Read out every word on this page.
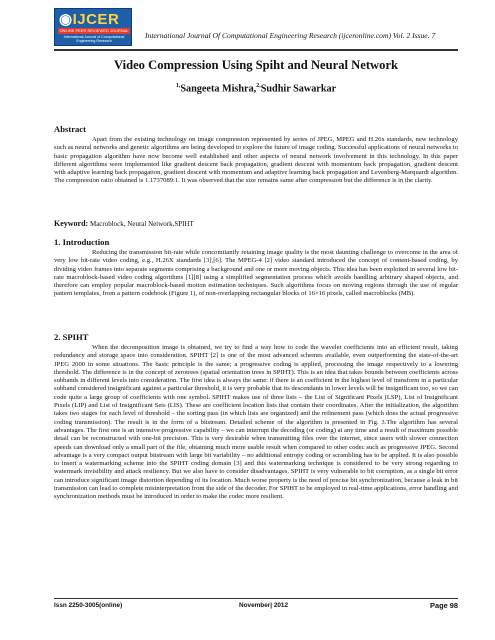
◉IJCER
ONLINE PEER REVIEWED JOURNAL
International Journal of Computational
Engineering Research
International Journal Of Computational Engineering Research (ijceronline.com) Vol. 2 Issue. 7
Video Compression Using Spiht and Neural Network
$^{1,}$Sangeeta Mishra,$^{2,}$Sudhir Sawarkar
Abstract

Apart from the existing technology on image compression represented by series of JPEG, MPEG and H.26x standards, new technology such as neural networks and genetic algorithms are being developed to explore the future of image coding. Successful applications of neural networks to basic propagation algorithm have now become well established and other aspects of neural network involvement in this technology. In this paper different algorithms were implemented like gradient descent back propagation, gradient descent with momentum back propagation, gradient descent with adaptive learning back propagation, gradient descent with momentum and adaptive learning back propagation and Levenberg-Marquardt algorithm. The compression ratio obtained is 1.1737089:1. It was observed that the size remains same after compression but the difference is in the clarity.

Keyword: Macroblock, Neural Network,SPIHT
1. Introduction

Reducing the transmission bit-rate while concomitantly retaining image quality is the most daunting challenge to overcome in the area of very low bit-rate video coding, e.g., H.26X standards [3],[6]. The MPEG-4 [2] video standard introduced the concept of content-based coding, by dividing video frames into separate segments comprising a background and one or more moving objects. This idea has been exploited in several low bit-rate macroblock-based video coding algorithms [1][8] using a simplified segmentation process which avoids handling arbitrary shaped objects, and therefore can employ popular macroblock-based motion estimation techniques. Such algorithms focus on moving regions through the use of regular pattern templates, from a pattern codebook (Figure 1), of non-overlapping rectangular blocks of 16×16 pixels, called macroblocks (MB).

2. SPIHT

When the decomposition image is obtained, we try to find a way how to code the wavelet coefficients into an efficient result, taking redundancy and storage space into consideration. SPIHT [2] is one of the most advanced schemes available, even outperforming the state-of-the-art JPEG 2000 in some situations. The basic principle is the same; a progressive coding is applied, processing the image respectively to a lowering threshold. The difference is in the concept of zerotrees (spatial orientation trees in SPIHT). This is an idea that takes bounds between coefficients across subbands in different levels into consideration. The first idea is always the same: if there is an coefficient in the highest level of transform in a particular subband considered insignificant against a particular threshold, it is very probable that its descendants in lower levels will be insignificant too, so we can code quite a large group of coefficients with one symbol. SPIHT makes use of three lists – the List of Significant Pixels (LSP), List of Insignificant Pixels (LIP) and List of Insignificant Sets (LIS). These are coefficient location lists that contain their coordinates. After the initialization, the algorithm takes two stages for each level of threshold – the sorting pass (in which lists are organized) and the refinement pass (which does the actual progressive coding transmission). The result is in the form of a bitstream. Detailed scheme of the algorithm is presented in Fig. 3.The algorithm has several advantages. The first one is an intensive progressive capability – we can interrupt the decoding (or coding) at any time and a result of maximum possible detail can be reconstructed with one-bit precision. This is very desirable when transmitting files over the internet, since users with slower connection speeds can download only a small part of the file, obtaining much more usable result when compared to other codec such as progressive JPEG. Second advantage is a very compact output bitstream with large bit variability – no additional entropy coding or scrambling has to be applied. It is also possible to insert a watermarking scheme into the SPIHT coding domain [3] and this watermarking technique is considered to be very strong regarding to watermark invisibility and attack resiliency. But we also have to consider disadvantages. SPIHT is very vulnerable to bit corruption, as a single bit error can introduce significant image distortion depending of its location. Much worse property is the need of precise bit synchronization, because a leak in bit transmission can lead to complete misinterpretation from the side of the decoder. For SPIHT to be employed in real-time applications, error handling and synchronization methods must be introduced in order to make the codec more resilient.

Issn 2250-3005(online)	November| 2012	Page 98
